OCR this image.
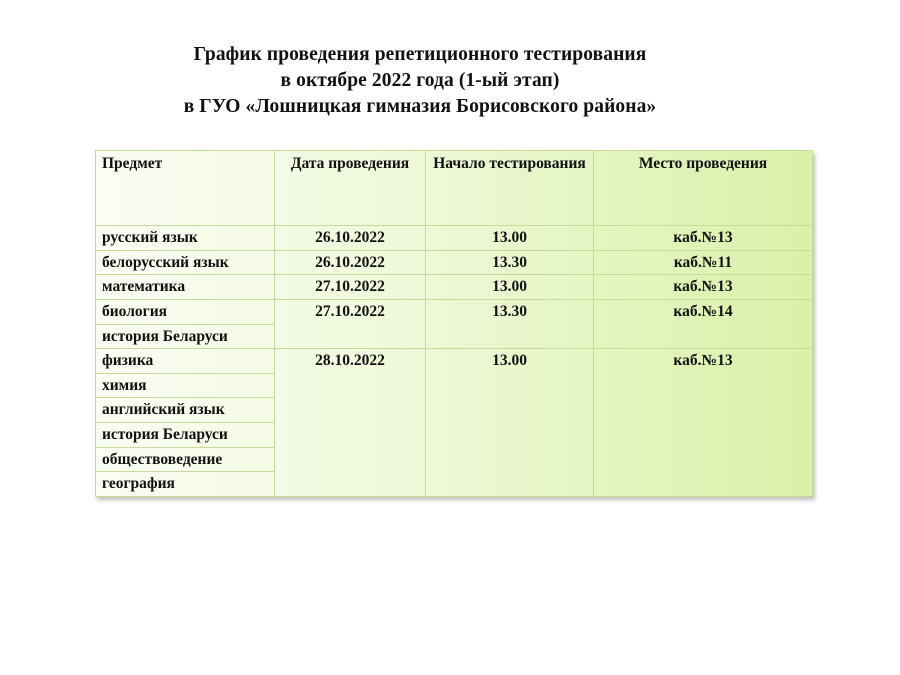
График проведения репетиционного тестирования
в октябре 2022 года (1-ый этап)
в ГУО «Лошницкая гимназия Борисовского района»
Предмет	Дата проведения	Начало тестирования	Место проведения
русский язык	26.10.2022	13.00	каб.№13
белорусский язык	26.10.2022	13.30	каб.№11
математика	27.10.2022	13.00	каб.№13
биология	27.10.2022	13.30	каб.№14
история Беларуси			
физика	28.10.2022	13.00	каб.№13
химия			
английский язык			
история Беларуси			
обществоведение			
география			
